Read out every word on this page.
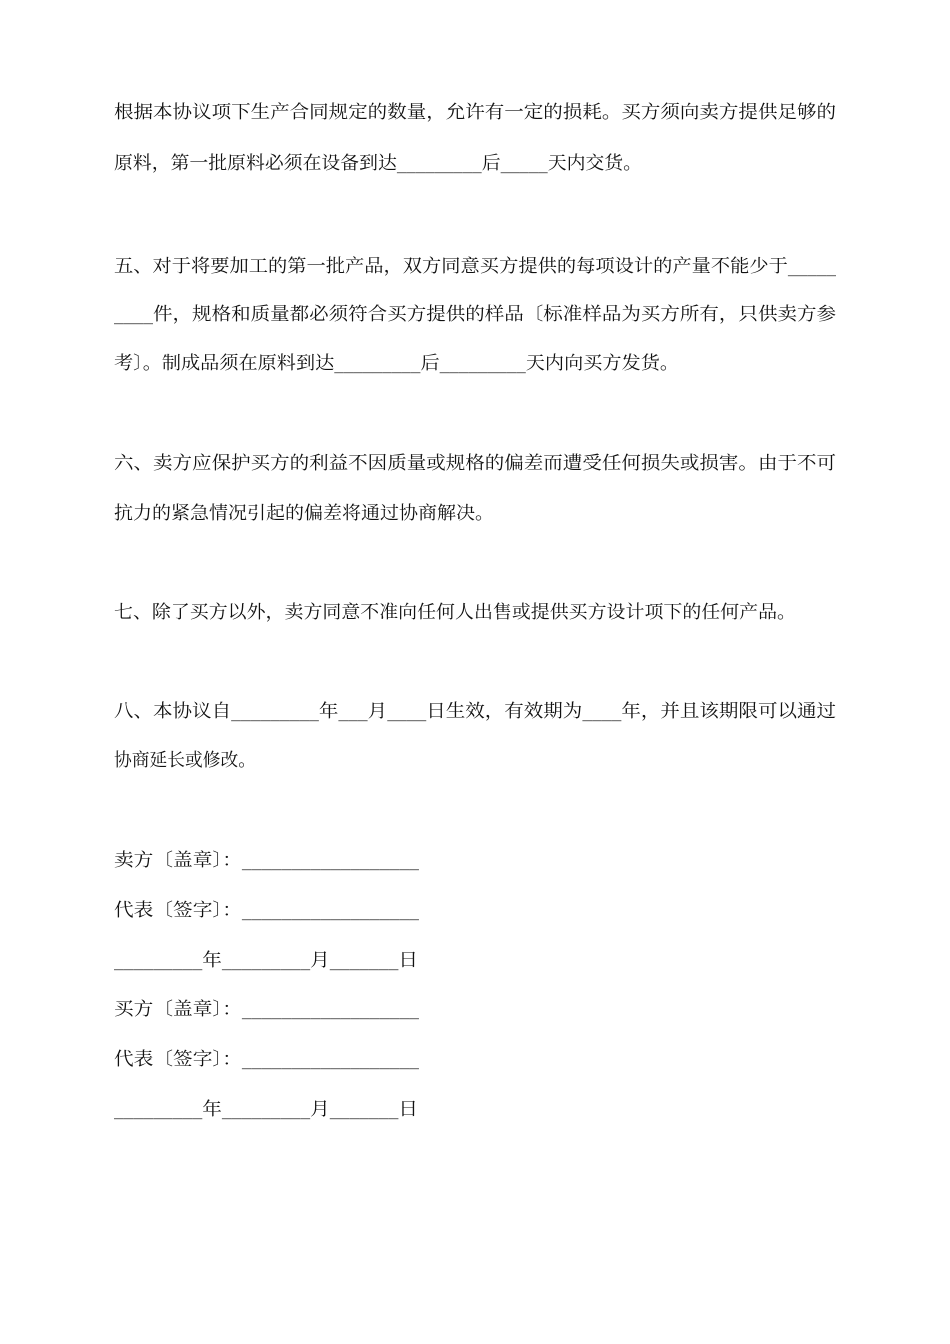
根据本协议项下生产合同规定的数量，允许有一定的损耗。买方须向卖方提供足够的
原料，第一批原料必须在设备到达_________后_____天内交货。
五、对于将要加工的第一批产品，双方同意买方提供的每项设计的产量不能少于_____
____件，规格和质量都必须符合买方提供的样品〔标准样品为买方所有，只供卖方参
考〕。制成品须在原料到达_________后_________天内向买方发货。
六、卖方应保护买方的利益不因质量或规格的偏差而遭受任何损失或损害。由于不可
抗力的紧急情况引起的偏差将通过协商解决。
七、除了买方以外，卖方同意不准向任何人出售或提供买方设计项下的任何产品。
八、本协议自_________年___月____日生效，有效期为____年，并且该期限可以通过
协商延长或修改。
卖方〔盖章〕：__________________
代表〔签字〕：__________________
_________年_________月_______日
买方〔盖章〕：__________________
代表〔签字〕：__________________
_________年_________月_______日
